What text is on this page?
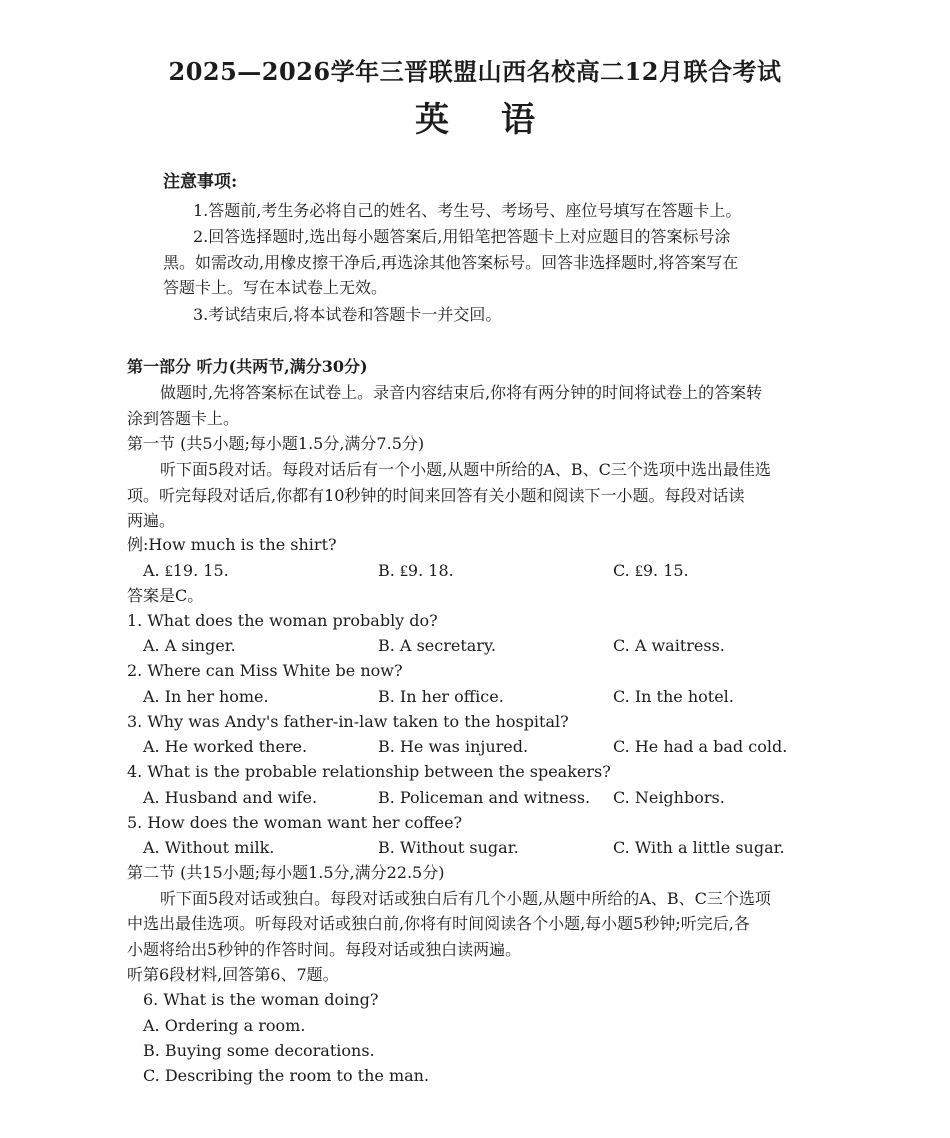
2025—2026学年三晋联盟山西名校高二12月联合考试
英语
注意事项:
1.答题前,考生务必将自己的姓名、考生号、考场号、座位号填写在答题卡上。
2.回答选择题时,选出每小题答案后,用铅笔把答题卡上对应题目的答案标号涂
黑。如需改动,用橡皮擦干净后,再选涂其他答案标号。回答非选择题时,将答案写在
答题卡上。写在本试卷上无效。
3.考试结束后,将本试卷和答题卡一并交回。
第一部分 听力(共两节,满分30分)
做题时,先将答案标在试卷上。录音内容结束后,你将有两分钟的时间将试卷上的答案转
涂到答题卡上。
第一节 (共5小题;每小题1.5分,满分7.5分)
听下面5段对话。每段对话后有一个小题,从题中所给的A、B、C三个选项中选出最佳选
项。听完每段对话后,你都有10秒钟的时间来回答有关小题和阅读下一小题。每段对话读
两遍。
例:How much is the shirt?
A. ₤19. 15.	B. ₤9. 18.	C. ₤9. 15.
答案是C。
1. What does the woman probably do?
A. A singer.	B. A secretary.	C. A waitress.
2. Where can Miss White be now?
A. In her home.	B. In her office.	C. In the hotel.
3. Why was Andy's father-in-law taken to the hospital?
A. He worked there.	B. He was injured.	C. He had a bad cold.
4. What is the probable relationship between the speakers?
A. Husband and wife.	B. Policeman and witness. C. Neighbors.
5. How does the woman want her coffee?
A. Without milk.	B. Without sugar.	C. With a little sugar.
第二节 (共15小题;每小题1.5分,满分22.5分)
听下面5段对话或独白。每段对话或独白后有几个小题,从题中所给的A、B、C三个选项
中选出最佳选项。听每段对话或独白前,你将有时间阅读各个小题,每小题5秒钟;听完后,各
小题将给出5秒钟的作答时间。每段对话或独白读两遍。
听第6段材料,回答第6、7题。
6. What is the woman doing?
A. Ordering a room.
B. Buying some decorations.
C. Describing the room to the man.
